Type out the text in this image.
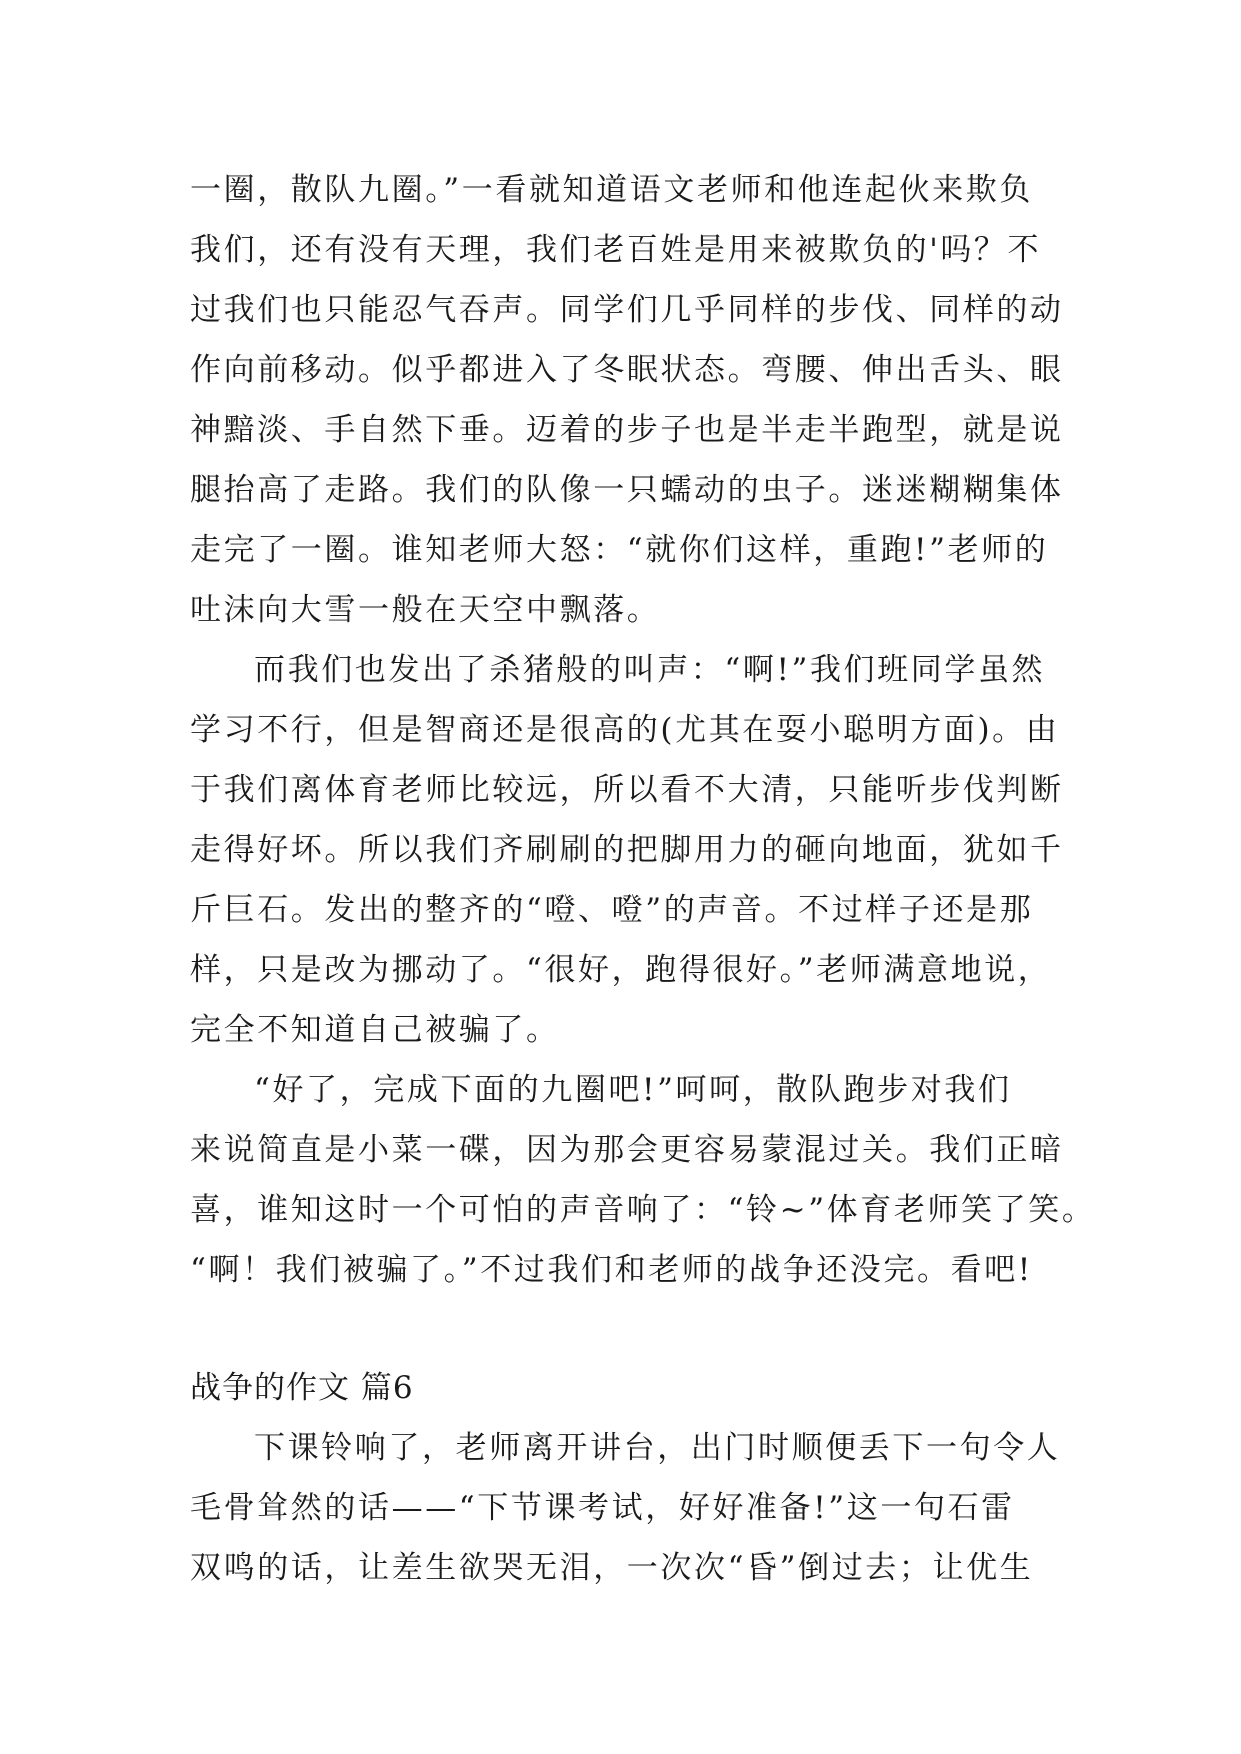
一圈，散队九圈。”一看就知道语文老师和他连起伙来欺负
我们，还有没有天理，我们老百姓是用来被欺负的'吗？不
过我们也只能忍气吞声。同学们几乎同样的步伐、同样的动
作向前移动。似乎都进入了冬眠状态。弯腰、伸出舌头、眼
神黯淡、手自然下垂。迈着的步子也是半走半跑型，就是说
腿抬高了走路。我们的队像一只蠕动的虫子。迷迷糊糊集体
走完了一圈。谁知老师大怒：“就你们这样，重跑!”老师的
吐沫向大雪一般在天空中飘落。
而我们也发出了杀猪般的叫声：“啊!”我们班同学虽然
学习不行，但是智商还是很高的(尤其在耍小聪明方面)。由
于我们离体育老师比较远，所以看不大清，只能听步伐判断
走得好坏。所以我们齐刷刷的把脚用力的砸向地面，犹如千
斤巨石。发出的整齐的“噔、噔”的声音。不过样子还是那
样，只是改为挪动了。“很好，跑得很好。”老师满意地说，
完全不知道自己被骗了。
“好了，完成下面的九圈吧!”呵呵，散队跑步对我们
来说简直是小菜一碟，因为那会更容易蒙混过关。我们正暗
喜，谁知这时一个可怕的声音响了：“铃~”体育老师笑了笑。
“啊！我们被骗了。”不过我们和老师的战争还没完。看吧!
战争的作文 篇6
下课铃响了，老师离开讲台，出门时顺便丢下一句令人
毛骨耸然的话——“下节课考试，好好准备!”这一句石雷
双鸣的话，让差生欲哭无泪，一次次“昏”倒过去；让优生
